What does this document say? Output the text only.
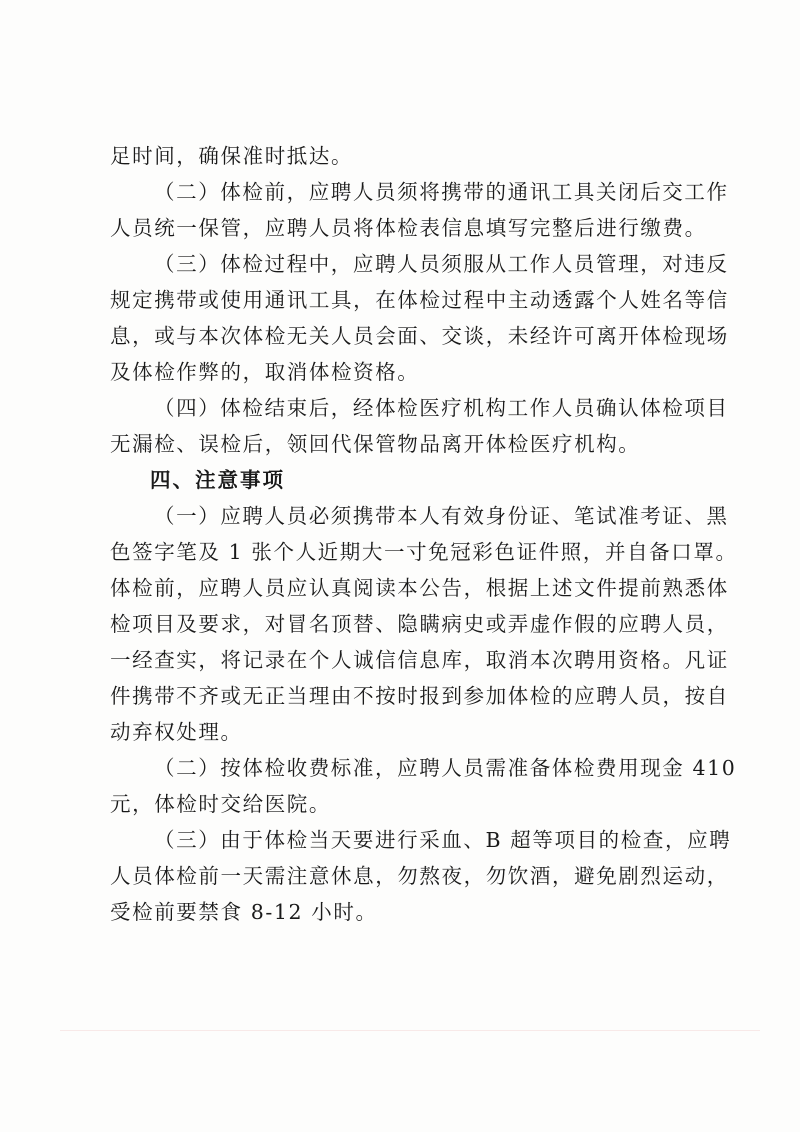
足时间，确保准时抵达。
（二）体检前，应聘人员须将携带的通讯工具关闭后交工作
人员统一保管，应聘人员将体检表信息填写完整后进行缴费。
（三）体检过程中，应聘人员须服从工作人员管理，对违反
规定携带或使用通讯工具，在体检过程中主动透露个人姓名等信
息，或与本次体检无关人员会面、交谈，未经许可离开体检现场
及体检作弊的，取消体检资格。
（四）体检结束后，经体检医疗机构工作人员确认体检项目
无漏检、误检后，领回代保管物品离开体检医疗机构。
四、注意事项
（一）应聘人员必须携带本人有效身份证、笔试准考证、黑
色签字笔及 1 张个人近期大一寸免冠彩色证件照，并自备口罩。
体检前，应聘人员应认真阅读本公告，根据上述文件提前熟悉体
检项目及要求，对冒名顶替、隐瞒病史或弄虚作假的应聘人员，
一经查实，将记录在个人诚信信息库，取消本次聘用资格。凡证
件携带不齐或无正当理由不按时报到参加体检的应聘人员，按自
动弃权处理。
（二）按体检收费标准，应聘人员需准备体检费用现金 410
元，体检时交给医院。
（三）由于体检当天要进行采血、B 超等项目的检查，应聘
人员体检前一天需注意休息，勿熬夜，勿饮酒，避免剧烈运动，
受检前要禁食 8-12 小时。
